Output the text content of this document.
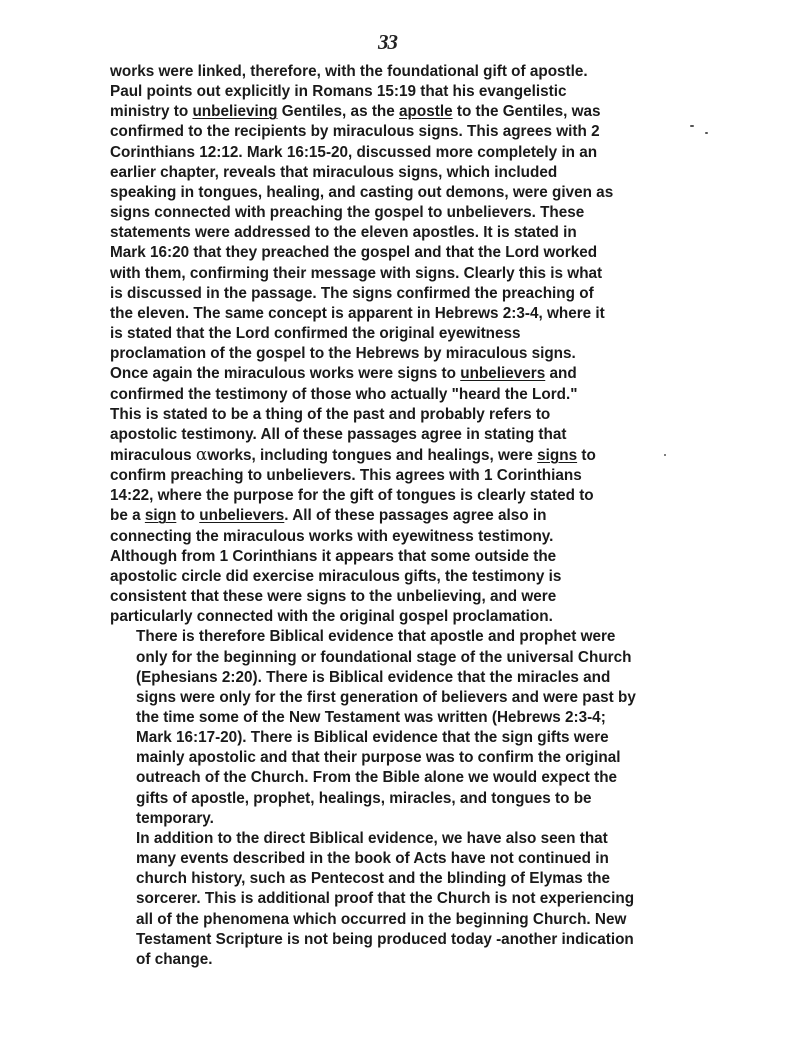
33

works were linked, therefore, with the foundational gift of apostle.
Paul points out explicitly in Romans 15:19 that his evangelistic
ministry to unbelieving Gentiles, as the apostle to the Gentiles, was
confirmed to the recipients by miraculous signs. This agrees with 2
Corinthians 12:12. Mark 16:15-20, discussed more completely in an
earlier chapter, reveals that miraculous signs, which included
speaking in tongues, healing, and casting out demons, were given as
signs connected with preaching the gospel to unbelievers. These
statements were addressed to the eleven apostles. It is stated in
Mark 16:20 that they preached the gospel and that the Lord worked
with them, confirming their message with signs. Clearly this is what
is discussed in the passage. The signs confirmed the preaching of
the eleven. The same concept is apparent in Hebrews 2:3-4, where it
is stated that the Lord confirmed the original eyewitness
proclamation of the gospel to the Hebrews by miraculous signs.
Once again the miraculous works were signs to unbelievers and
confirmed the testimony of those who actually "heard the Lord."
This is stated to be a thing of the past and probably refers to
apostolic testimony. All of these passages agree in stating that
miraculous αworks, including tongues and healings, were signs to
confirm preaching to unbelievers. This agrees with 1 Corinthians
14:22, where the purpose for the gift of tongues is clearly stated to
be a sign to unbelievers. All of these passages agree also in
connecting the miraculous works with eyewitness testimony.
Although from 1 Corinthians it appears that some outside the
apostolic circle did exercise miraculous gifts, the testimony is
consistent that these were signs to the unbelieving, and were
particularly connected with the original gospel proclamation.

There is therefore Biblical evidence that apostle and prophet were
only for the beginning or foundational stage of the universal Church
(Ephesians 2:20). There is Biblical evidence that the miracles and
signs were only for the first generation of believers and were past by
the time some of the New Testament was written (Hebrews 2:3-4;
Mark 16:17-20). There is Biblical evidence that the sign gifts were
mainly apostolic and that their purpose was to confirm the original
outreach of the Church. From the Bible alone we would expect the
gifts of apostle, prophet, healings, miracles, and tongues to be
temporary.

In addition to the direct Biblical evidence, we have also seen that
many events described in the book of Acts have not continued in
church history, such as Pentecost and the blinding of Elymas the
sorcerer. This is additional proof that the Church is not experiencing
all of the phenomena which occurred in the beginning Church. New
Testament Scripture is not being produced today -another indication
of change.
